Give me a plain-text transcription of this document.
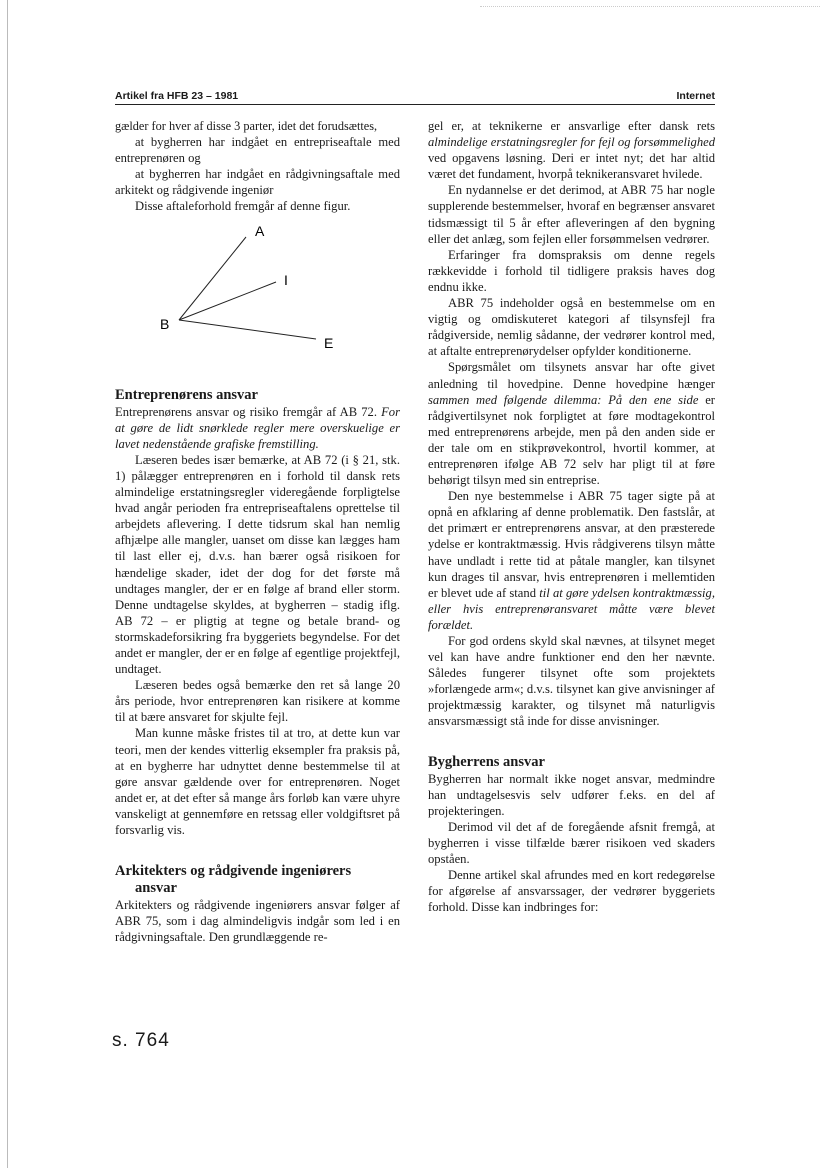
Artikel fra HFB 23 – 1981	Internet

gælder for hver af disse 3 parter, idet det forudsættes,

at bygherren har indgået en entrepriseaftale med entreprenøren og

at bygherren har indgået en rådgivningsaftale med arkitekt og rådgivende ingeniør

Disse aftaleforhold fremgår af denne figur.

A
I
B
E
Entreprenørens ansvar

Entreprenørens ansvar og risiko fremgår af AB 72. For at gøre de lidt snørklede regler mere overskuelige er lavet nedenstående grafiske fremstilling.

Læseren bedes især bemærke, at AB 72 (i § 21, stk. 1) pålægger entreprenøren en i forhold til dansk rets almindelige erstatningsregler videregående forpligtelse hvad angår perioden fra entrepriseaftalens oprettelse til arbejdets aflevering. I dette tidsrum skal han nemlig afhjælpe alle mangler, uanset om disse kan lægges ham til last eller ej, d.v.s. han bærer også risikoen for hændelige skader, idet der dog for det første må undtages mangler, der er en følge af brand eller storm. Denne undtagelse skyldes, at bygherren – stadig iflg. AB 72 – er pligtig at tegne og betale brand- og stormskadeforsikring fra byggeriets begyndelse. For det andet er mangler, der er en følge af egentlige projektfejl, undtaget.

Læseren bedes også bemærke den ret så lange 20 års periode, hvor entreprenøren kan risikere at komme til at bære ansvaret for skjulte fejl.

Man kunne måske fristes til at tro, at dette kun var teori, men der kendes vitterlig eksempler fra praksis på, at en bygherre har udnyttet denne bestemmelse til at gøre ansvar gældende over for entreprenøren. Noget andet er, at det efter så mange års forløb kan være uhyre vanskeligt at gennemføre en retssag eller voldgiftsret på forsvarlig vis.

Arkitekters og rådgivende ingeniørers
ansvar

Arkitekters og rådgivende ingeniørers ansvar følger af ABR 75, som i dag almindeligvis indgår som led i en rådgivningsaftale. Den grundlæggende re-

gel er, at teknikerne er ansvarlige efter dansk rets almindelige erstatningsregler for fejl og forsømmelighed ved opgavens løsning. Deri er intet nyt; det har altid været det fundament, hvorpå teknikeransvaret hvilede.

En nydannelse er det derimod, at ABR 75 har nogle supplerende bestemmelser, hvoraf en begrænser ansvaret tidsmæssigt til 5 år efter afleveringen af den bygning eller det anlæg, som fejlen eller forsømmelsen vedrører.

Erfaringer fra domspraksis om denne regels rækkevidde i forhold til tidligere praksis haves dog endnu ikke.

ABR 75 indeholder også en bestemmelse om en vigtig og omdiskuteret kategori af tilsynsfejl fra rådgiverside, nemlig sådanne, der vedrører kontrol med, at aftalte entreprenørydelser opfylder konditionerne.

Spørgsmålet om tilsynets ansvar har ofte givet anledning til hovedpine. Denne hovedpine hænger sammen med følgende dilemma: På den ene side er rådgivertilsynet nok forpligtet at føre modtagekontrol med entreprenørens arbejde, men på den anden side er der tale om en stikprøvekontrol, hvortil kommer, at entreprenøren ifølge AB 72 selv har pligt til at føre behørigt tilsyn med sin entreprise.

Den nye bestemmelse i ABR 75 tager sigte på at opnå en afklaring af denne problematik. Den fastslår, at det primært er entreprenørens ansvar, at den præsterede ydelse er kontraktmæssig. Hvis rådgiverens tilsyn måtte have undladt i rette tid at påtale mangler, kan tilsynet kun drages til ansvar, hvis entreprenøren i mellemtiden er blevet ude af stand til at gøre ydelsen kontraktmæssig, eller hvis entreprenøransvaret måtte være blevet forældet.

For god ordens skyld skal nævnes, at tilsynet meget vel kan have andre funktioner end den her nævnte. Således fungerer tilsynet ofte som projektets »forlængede arm«; d.v.s. tilsynet kan give anvisninger af projektmæssig karakter, og tilsynet må naturligvis ansvarsmæssigt stå inde for disse anvisninger.

Bygherrens ansvar

Bygherren har normalt ikke noget ansvar, medmindre han undtagelsesvis selv udfører f.eks. en del af projekteringen.

Derimod vil det af de foregående afsnit fremgå, at bygherren i visse tilfælde bærer risikoen ved skaders opståen.

Denne artikel skal afrundes med en kort redegørelse for afgørelse af ansvarssager, der vedrører byggeriets forhold. Disse kan indbringes for:

s. 764
